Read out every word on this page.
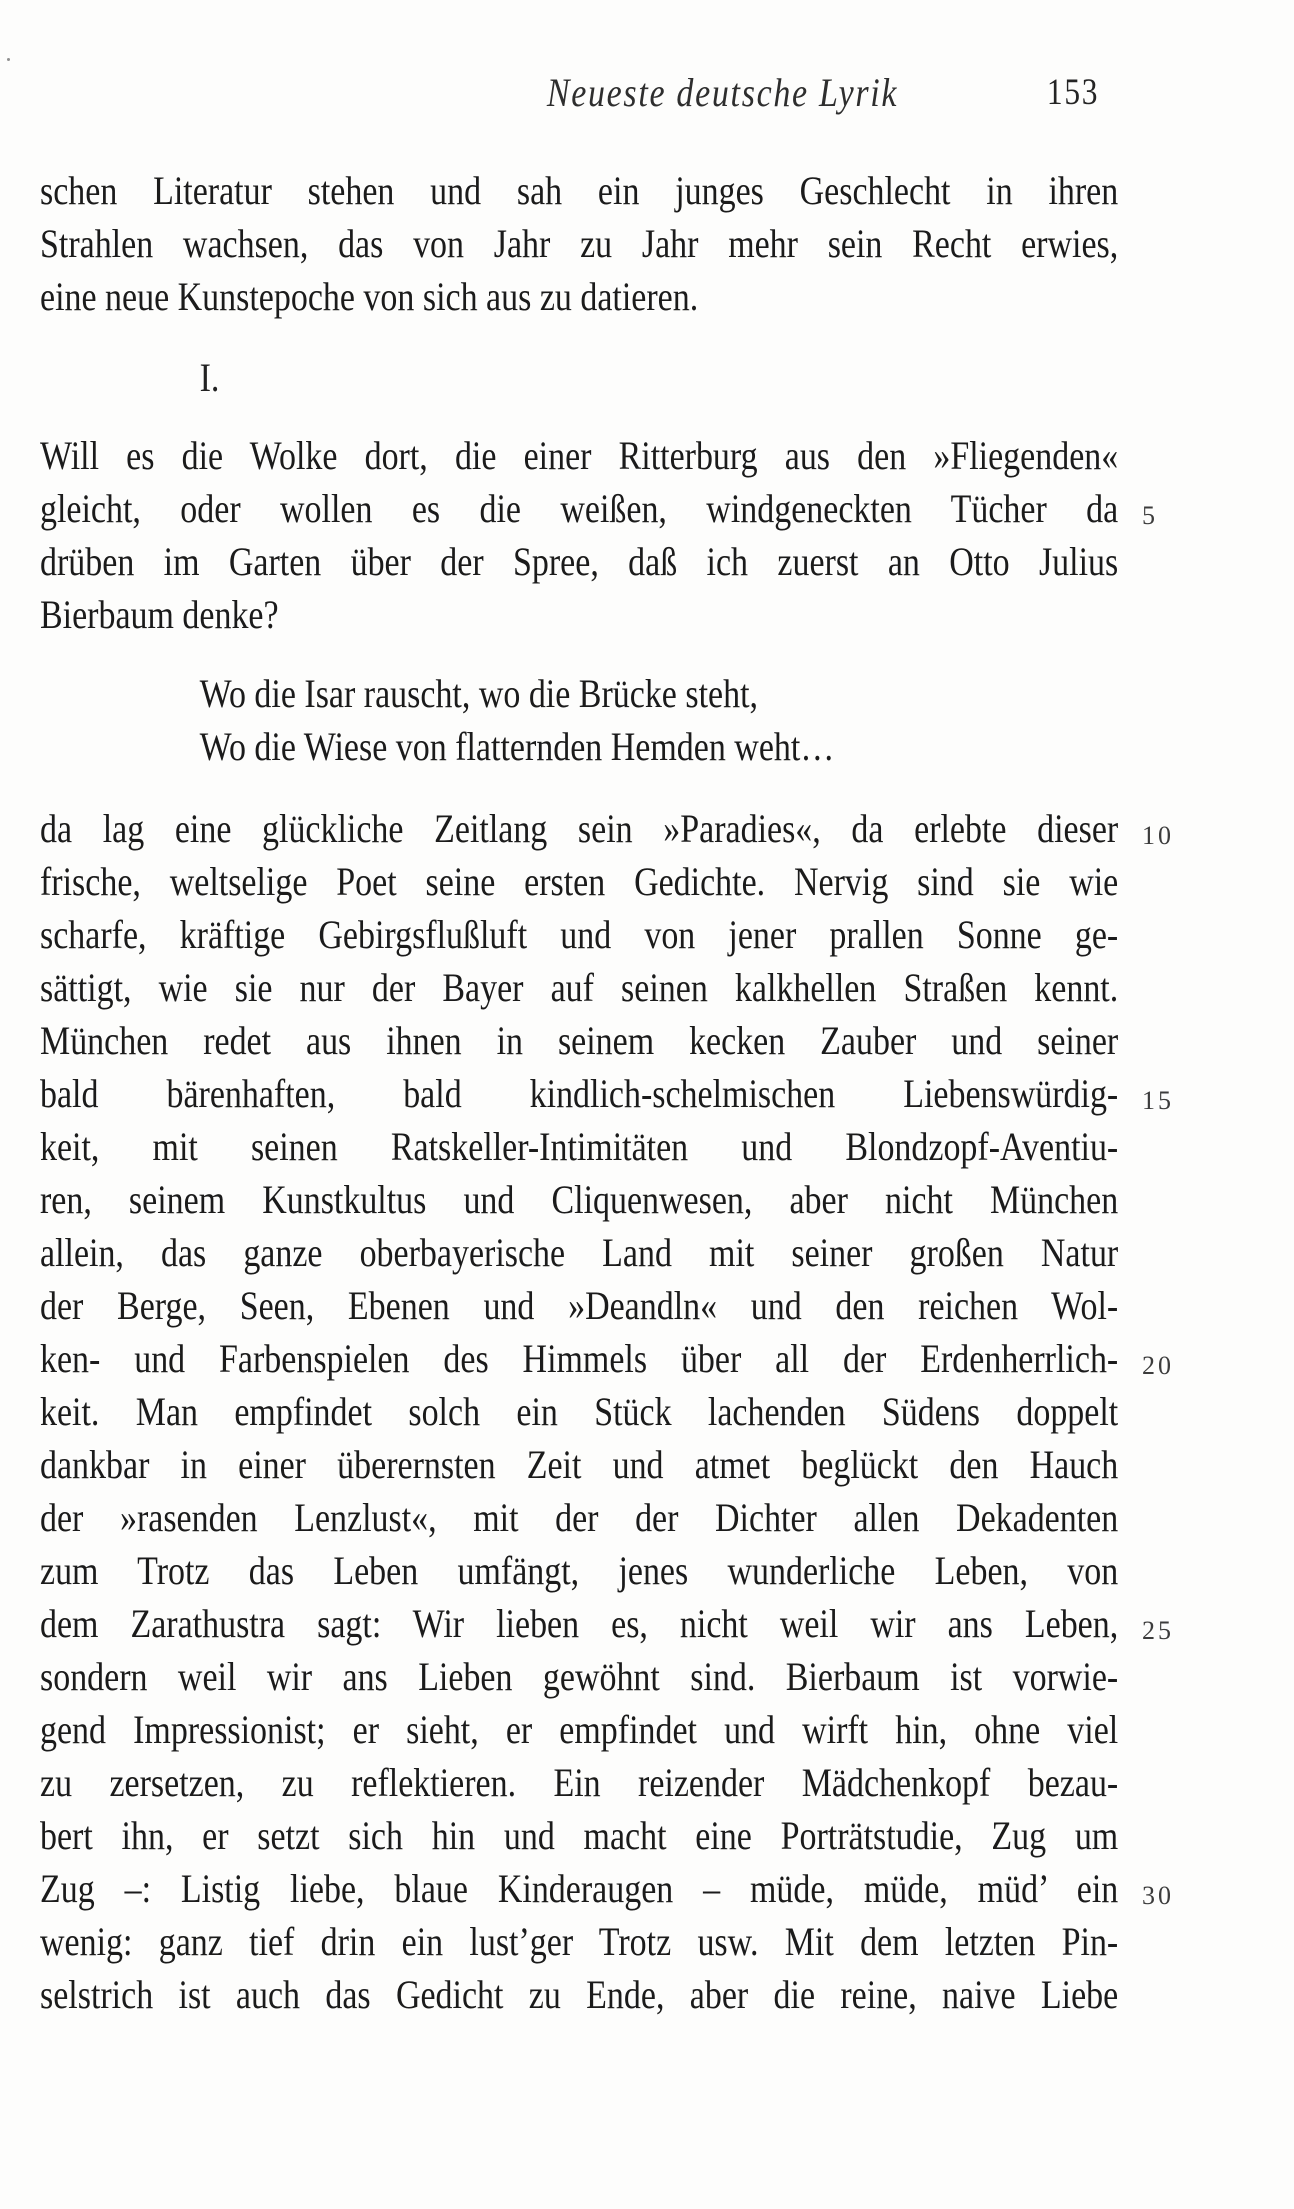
5
10
15
20
25
30
Neueste deutsche Lyrik	153
schen Literatur stehen und sah ein junges Geschlecht in ihren
Strahlen wachsen, das von Jahr zu Jahr mehr sein Recht erwies,
eine neue Kunstepoche von sich aus zu datieren.
I.
Will es die Wolke dort, die einer Ritterburg aus den »Fliegenden«
gleicht, oder wollen es die weißen, windgeneckten Tücher da
drüben im Garten über der Spree, daß ich zuerst an Otto Julius
Bierbaum denke?
Wo die Isar rauscht, wo die Brücke steht,
Wo die Wiese von flatternden Hemden weht…
da lag eine glückliche Zeitlang sein »Paradies«, da erlebte dieser
frische, weltselige Poet seine ersten Gedichte. Nervig sind sie wie
scharfe, kräftige Gebirgsflußluft und von jener prallen Sonne ge-
sättigt, wie sie nur der Bayer auf seinen kalkhellen Straßen kennt.
München redet aus ihnen in seinem kecken Zauber und seiner
bald bärenhaften, bald kindlich-schelmischen Liebenswürdig-
keit, mit seinen Ratskeller-Intimitäten und Blondzopf-Aventiu-
ren, seinem Kunstkultus und Cliquenwesen, aber nicht München
allein, das ganze oberbayerische Land mit seiner großen Natur
der Berge, Seen, Ebenen und »Deandln« und den reichen Wol-
ken- und Farbenspielen des Himmels über all der Erdenherrlich-
keit. Man empfindet solch ein Stück lachenden Südens doppelt
dankbar in einer überernsten Zeit und atmet beglückt den Hauch
der »rasenden Lenzlust«, mit der der Dichter allen Dekadenten
zum Trotz das Leben umfängt, jenes wunderliche Leben, von
dem Zarathustra sagt: Wir lieben es, nicht weil wir ans Leben,
sondern weil wir ans Lieben gewöhnt sind. Bierbaum ist vorwie-
gend Impressionist; er sieht, er empfindet und wirft hin, ohne viel
zu zersetzen, zu reflektieren. Ein reizender Mädchenkopf bezau-
bert ihn, er setzt sich hin und macht eine Porträtstudie, Zug um
Zug –: Listig liebe, blaue Kinderaugen – müde, müde, müd’ ein
wenig: ganz tief drin ein lust’ger Trotz usw. Mit dem letzten Pin-
selstrich ist auch das Gedicht zu Ende, aber die reine, naive Liebe
